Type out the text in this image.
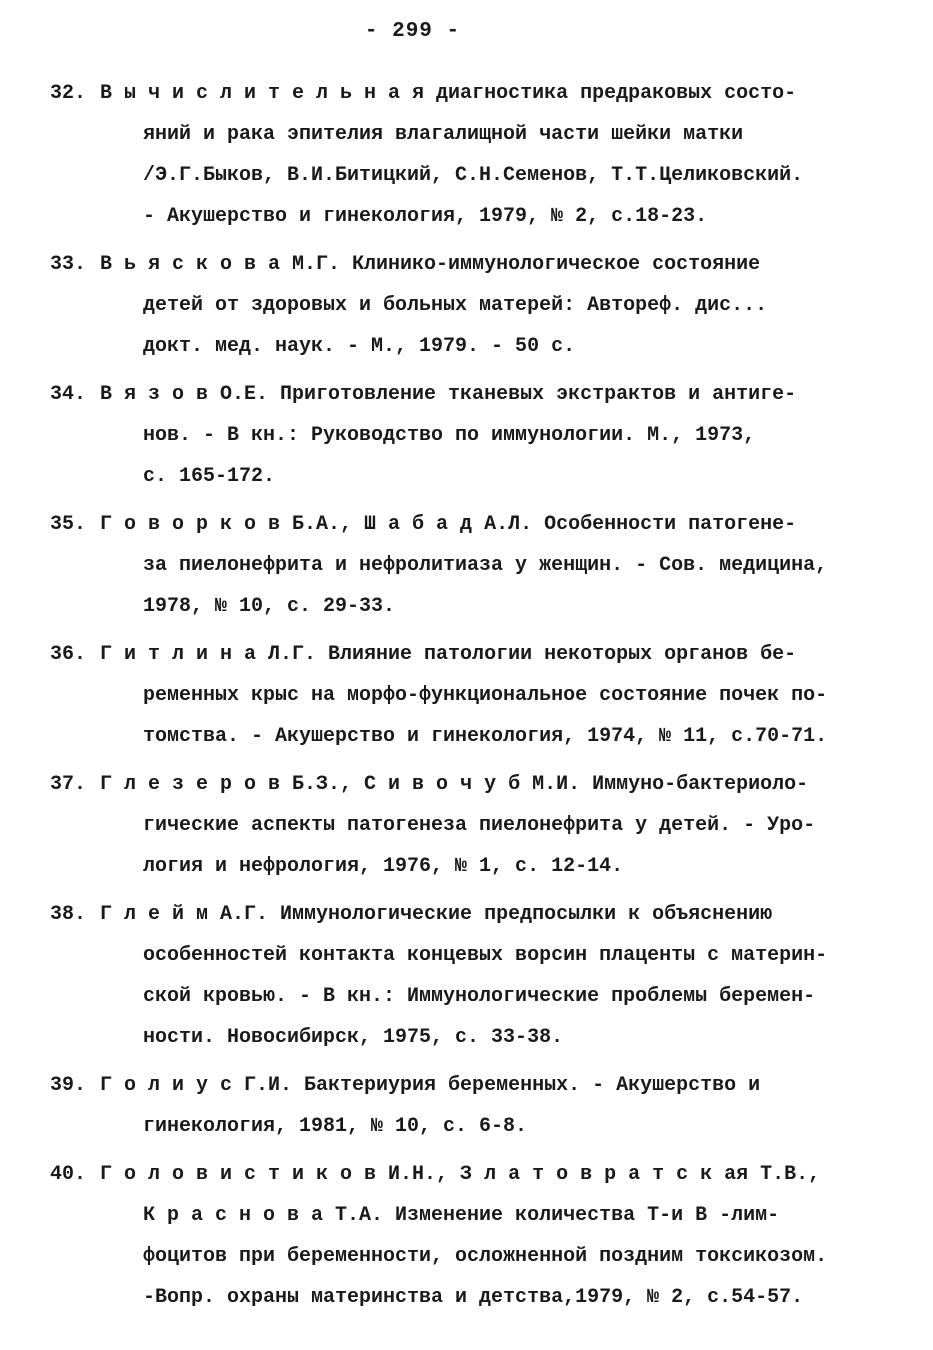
- 299 -
32. В ы ч и с л и т е л ь н а я диагностика предраковых состо-
яний и рака эпителия влагалищной части шейки матки
/Э.Г.Быков, В.И.Битицкий, С.Н.Семенов, Т.Т.Целиковский.
- Акушерство и гинекология, 1979, № 2, с.18-23.
33. В ь я с к о в а М.Г. Клинико-иммунологическое состояние
детей от здоровых и больных матерей: Автореф. дис...
докт. мед. наук. - М., 1979. - 50 с.
34. В я з о в О.Е. Приготовление тканевых экстрактов и антиге-
нов. - В кн.: Руководство по иммунологии. М., 1973,
с. 165-172.
35. Г о в о р к о в Б.А., Ш а б а д А.Л. Особенности патогене-
за пиелонефрита и нефролитиаза у женщин. - Сов. медицина,
1978, № 10, с. 29-33.
36. Г и т л и н а Л.Г. Влияние патологии некоторых органов бе-
ременных крыс на морфо-функциональное состояние почек по-
томства. - Акушерство и гинекология, 1974, № 11, с.70-71.
37. Г л е з е р о в Б.З., С и в о ч у б М.И. Иммуно-бактериоло-
гические аспекты патогенеза пиелонефрита у детей. - Уро-
логия и нефрология, 1976, № 1, с. 12-14.
38. Г л е й м А.Г. Иммунологические предпосылки к объяснению
особенностей контакта концевых ворсин плаценты с материн-
ской кровью. - В кн.: Иммунологические проблемы беремен-
ности. Новосибирск, 1975, с. 33-38.
39. Г о л и у с Г.И. Бактериурия беременных. - Акушерство и
гинекология, 1981, № 10, с. 6-8.
40. Г о л о в и с т и к о в И.Н., З л а т о в р а т с к ая Т.В.,
К р а с н о в а Т.А. Изменение количества Т-и В -лим-
фоцитов при беременности, осложненной поздним токсикозом.
-Вопр. охраны материнства и детства,1979, № 2, с.54-57.
